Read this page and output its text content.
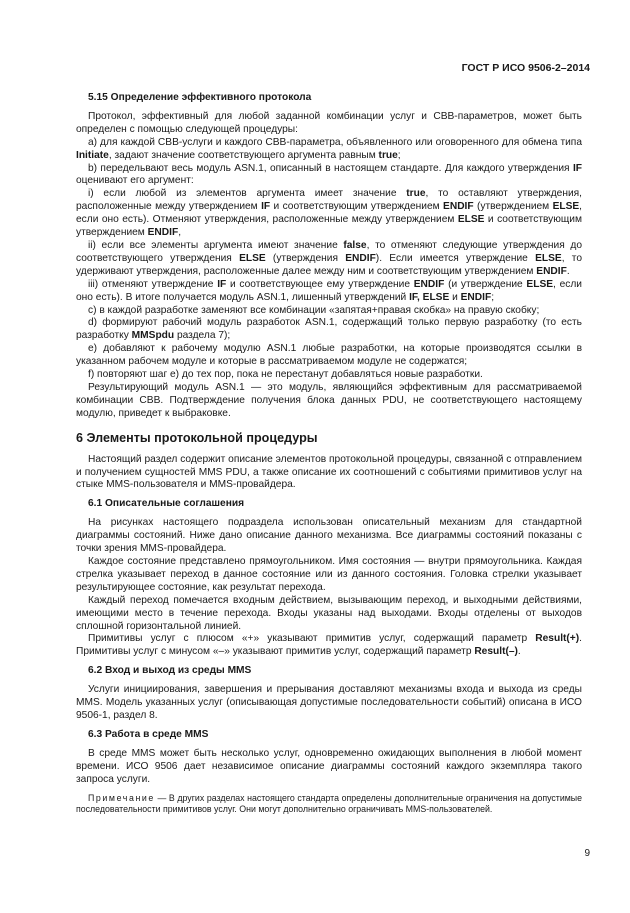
ГОСТ Р ИСО 9506-2–2014

5.15 Определение эффективного протокола

Протокол, эффективный для любой заданной комбинации услуг и СВВ-параметров, может быть определен с помощью следующей процедуры:

а) для каждой СВВ-услуги и каждого СВВ-параметра, объявленного или оговоренного для обмена типа Initiate, задают значение соответствующего аргумента равным true;

b) передельвают весь модуль ASN.1, описанный в настоящем стандарте. Для каждого утверждения IF оценивают его аргумент:

i) если любой из элементов аргумента имеет значение true, то оставляют утверждения, расположенные между утверждением IF и соответствующим утверждением ENDIF (утверждением ELSE, если оно есть). Отменяют утверждения, расположенные между утверждением ELSE и соответствующим утверждением ENDIF,

ii) если все элементы аргумента имеют значение false, то отменяют следующие утверждения до соответствующего утверждения ELSE (утверждения ENDIF). Если имеется утверждение ELSE, то удерживают утверждения, расположенные далее между ним и соответствующим утверждением ENDIF.

iii) отменяют утверждение IF и соответствующее ему утверждение ENDIF (и утверждение ELSE, если оно есть). В итоге получается модуль ASN.1, лишенный утверждений IF, ELSE и ENDIF;

c) в каждой разработке заменяют все комбинации «запятая+правая скобка» на правую скобку;

d) формируют рабочий модуль разработок ASN.1, содержащий только первую разработку (то есть разработку MMSpdu раздела 7);

e) добавляют к рабочему модулю ASN.1 любые разработки, на которые производятся ссылки в указанном рабочем модуле и которые в рассматриваемом модуле не содержатся;

f) повторяют шаг e) до тех пор, пока не перестанут добавляться новые разработки.

Результирующий модуль ASN.1 — это модуль, являющийся эффективным для рассматриваемой комбинации СВВ. Подтверждение получения блока данных PDU, не соответствующего настоящему модулю, приведет к выбраковке.

6 Элементы протокольной процедуры

Настоящий раздел содержит описание элементов протокольной процедуры, связанной с отправлением и получением сущностей MMS PDU, а также описание их соотношений с событиями примитивов услуг на стыке MMS-пользователя и MMS-провайдера.

6.1 Описательные соглашения

На рисунках настоящего подраздела использован описательный механизм для стандартной диаграммы состояний. Ниже дано описание данного механизма. Все диаграммы состояний показаны с точки зрения MMS-провайдера.

Каждое состояние представлено прямоугольником. Имя состояния — внутри прямоугольника. Каждая стрелка указывает переход в данное состояние или из данного состояния. Головка стрелки указывает результирующее состояние, как результат перехода.

Каждый переход помечается входным действием, вызывающим переход, и выходными действиями, имеющими место в течение перехода. Входы указаны над выходами. Входы отделены от выходов сплошной горизонтальной линией.

Примитивы услуг с плюсом «+» указывают примитив услуг, содержащий параметр Result(+). Примитивы услуг с минусом «–» указывают примитив услуг, содержащий параметр Result(–).

6.2 Вход и выход из среды MMS

Услуги инициирования, завершения и прерывания доставляют механизмы входа и выхода из среды MMS. Модель указанных услуг (описывающая допустимые последовательности событий) описана в ИСО 9506-1, раздел 8.

6.3 Работа в среде MMS

В среде MMS может быть несколько услуг, одновременно ожидающих выполнения в любой момент времени. ИСО 9506 дает независимое описание диаграммы состояний каждого экземпляра такого запроса услуги.

Примечание — В других разделах настоящего стандарта определены дополнительные ограничения на допустимые последовательности примитивов услуг. Они могут дополнительно ограничивать MMS-пользователей.

9
